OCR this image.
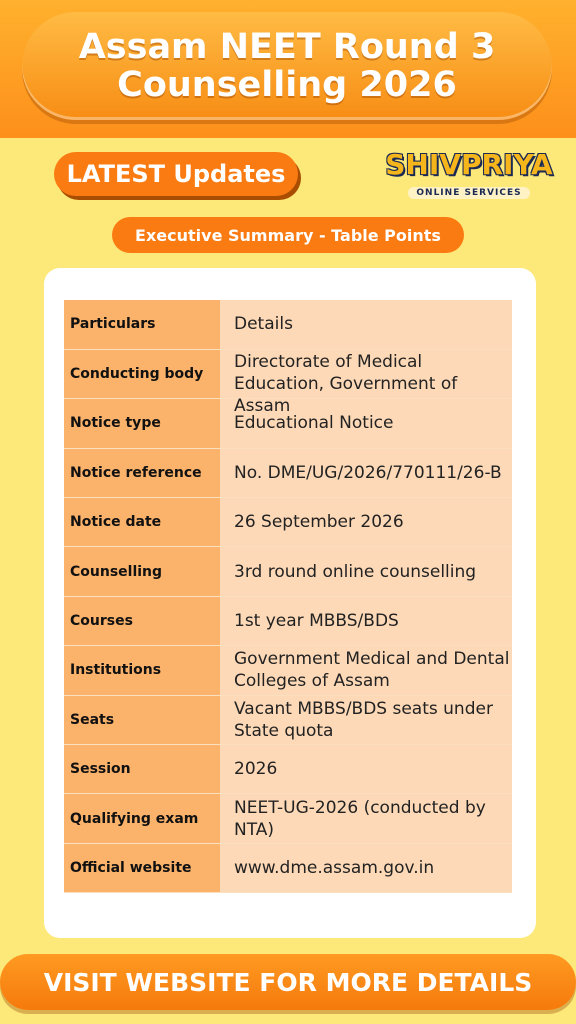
Assam NEET Round 3 Counselling 2026
LATEST Updates	SHIVPRIYA
ONLINE SERVICES
Executive Summary - Table Points
Particulars	Details

Conducting body	Directorate of Medical Education, Government of Assam

Notice type	Educational Notice

Notice reference	No. DME/UG/2026/770111/26-B

Notice date	26 September 2026

Counselling	3rd round online counselling

Courses	1st year MBBS/BDS

Institutions	Government Medical and Dental Colleges of Assam

Seats	Vacant MBBS/BDS seats under State quota

Session	2026

Qualifying exam	NEET-UG-2026 (conducted by NTA)

Official website	www.dme.assam.gov.in
VISIT WEBSITE FOR MORE DETAILS
